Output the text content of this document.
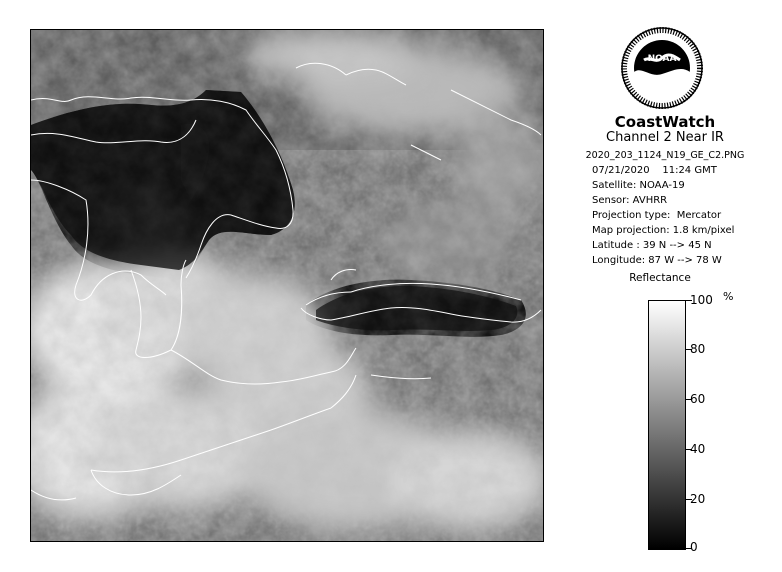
NOAA
CoastWatch
Channel 2 Near IR
2020_203_1124_N19_GE_C2.PNG
07/21/2020    11:24 GMT
Satellite: NOAA-19
Sensor: AVHRR
Projection type:  Mercator
Map projection: 1.8 km/pixel
Latitude : 39 N --> 45 N
Longitude: 87 W --> 78 W
Reflectance
%
100
80
60
40
20
0
